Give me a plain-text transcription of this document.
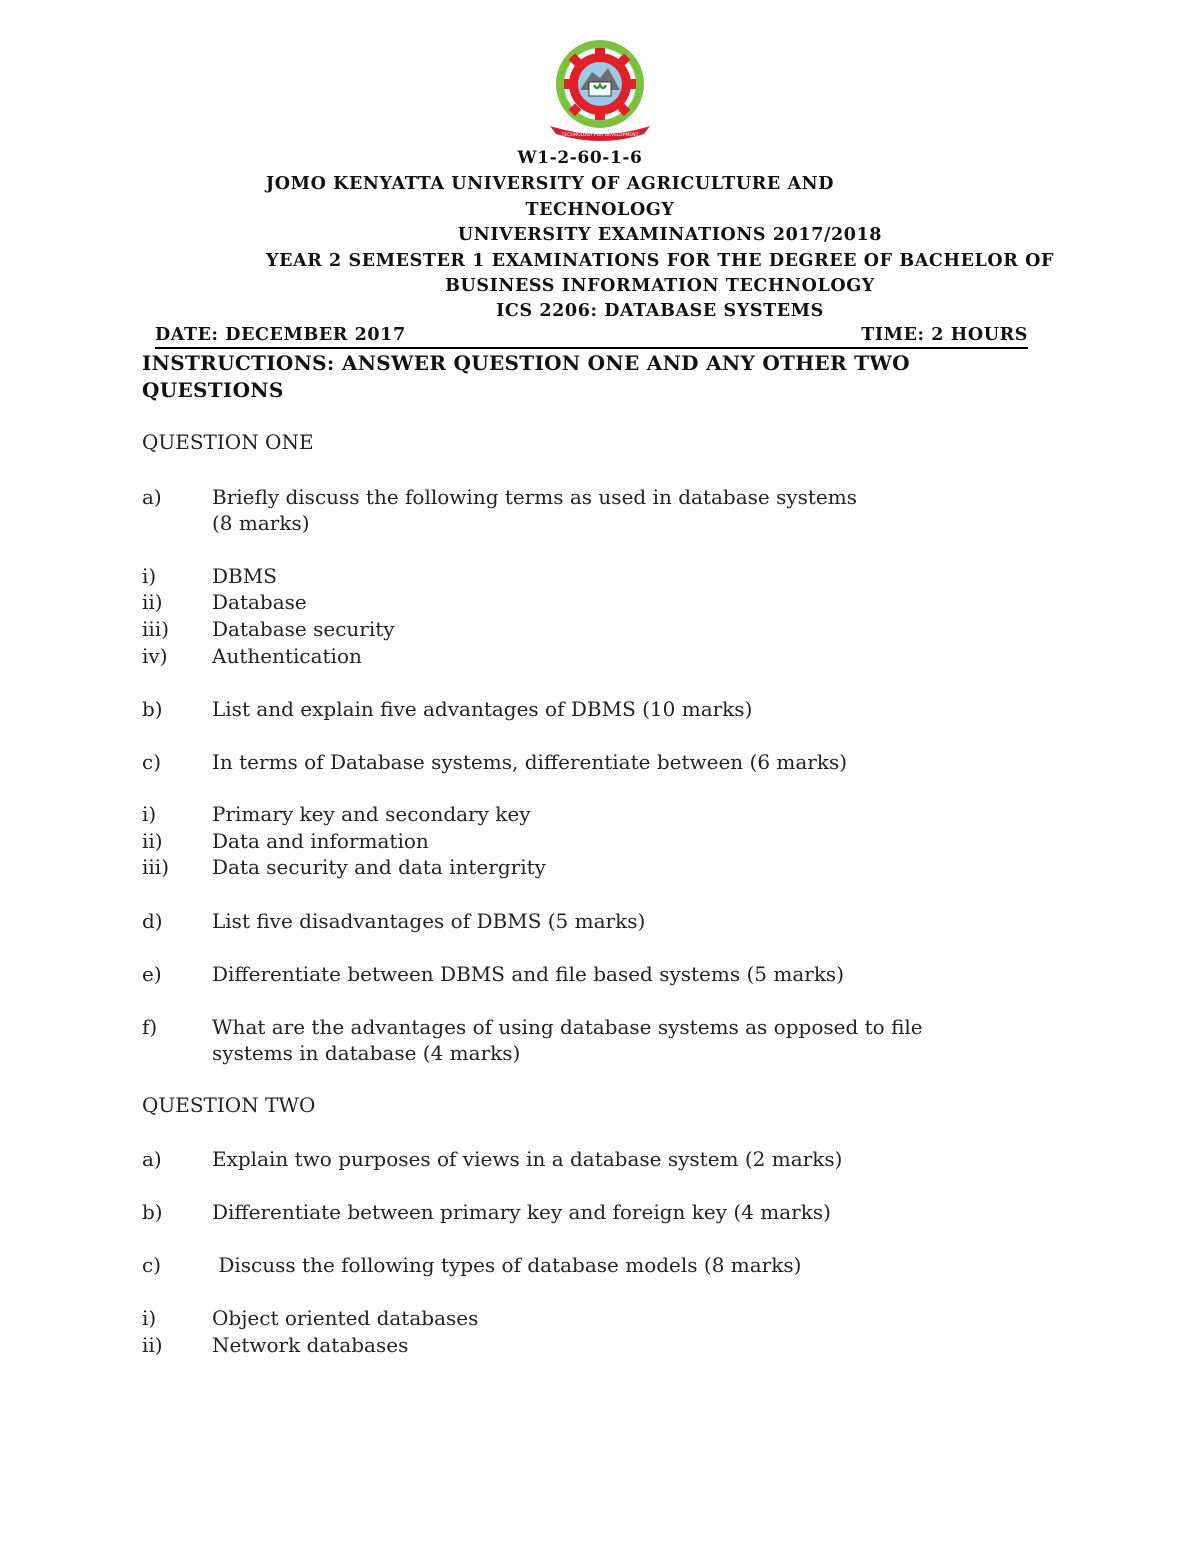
TECHNOLOGY FOR DEVELOPMENT
W1-2-60-1-6
JOMO KENYATTA UNIVERSITY OF AGRICULTURE AND
TECHNOLOGY
UNIVERSITY EXAMINATIONS 2017/2018
YEAR 2 SEMESTER 1 EXAMINATIONS FOR THE DEGREE OF BACHELOR OF
BUSINESS INFORMATION TECHNOLOGY
ICS 2206: DATABASE SYSTEMS
DATE: DECEMBER 2017	TIME: 2 HOURS
INSTRUCTIONS: ANSWER QUESTION ONE AND ANY OTHER TWO QUESTIONS
QUESTION ONE
a)	Briefly discuss the following terms as used in database systems
(8 marks)
i)	DBMS
ii)	Database
iii)	Database security
iv)	Authentication
b)	List and explain five advantages of DBMS (10 marks)
c)	In terms of Database systems, differentiate between (6 marks)
i)	Primary key and secondary key
ii)	Data and information
iii)	Data security and data intergrity
d)	List five disadvantages of DBMS (5 marks)
e)	Differentiate between DBMS and file based systems (5 marks)
f)	What are the advantages of using database systems as opposed to file
systems in database (4 marks)
QUESTION TWO
a)	Explain two purposes of views in a database system (2 marks)
b)	Differentiate between primary key and foreign key (4 marks)
c)	Discuss the following types of database models (8 marks)
i)	Object oriented databases
ii)	Network databases
